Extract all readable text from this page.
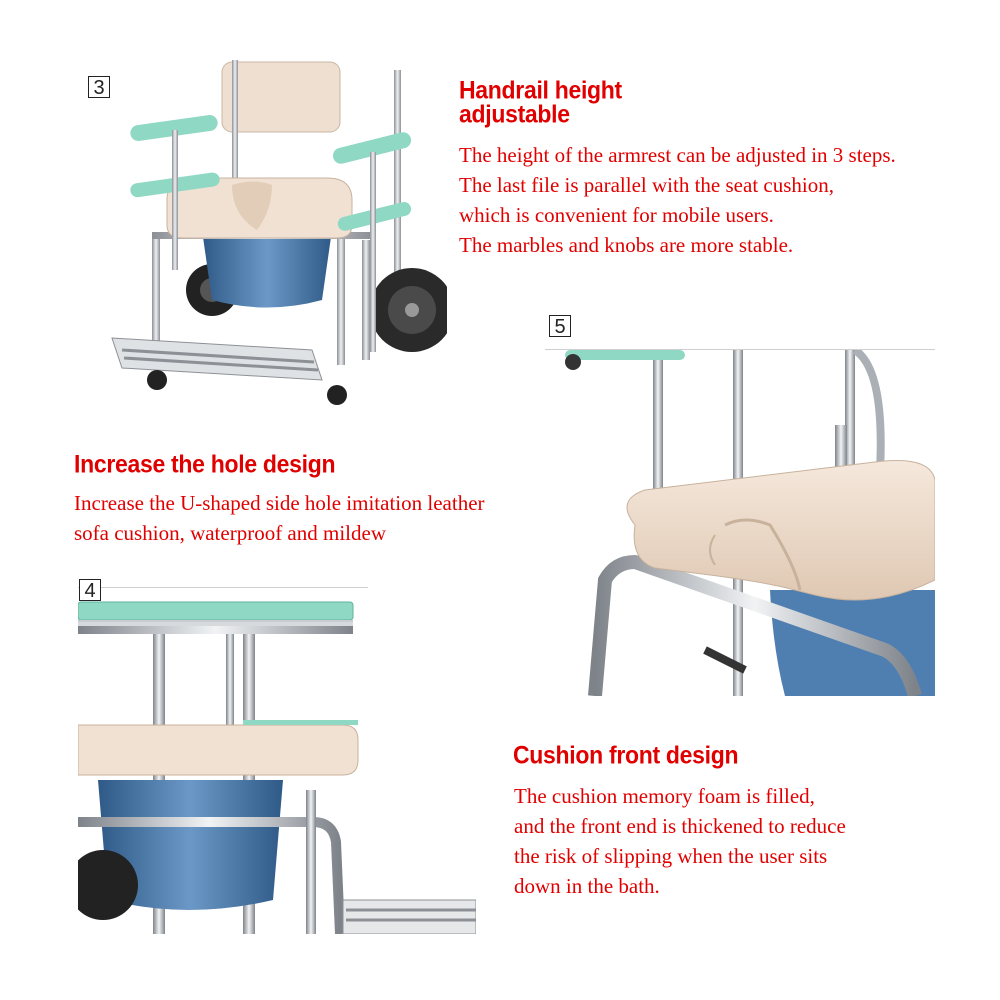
3	Handrail height
adjustable
The height of the armrest can be adjusted in 3 steps.
The last file is parallel with the seat cushion,
which is convenient for mobile users.
The marbles and knobs are more stable.
5
Increase the hole design
Increase the U-shaped side hole imitation leather
sofa cushion, waterproof and mildew
4
Cushion front design
The cushion memory foam is filled,
and the front end is thickened to reduce
the risk of slipping when the user sits
down in the bath.
